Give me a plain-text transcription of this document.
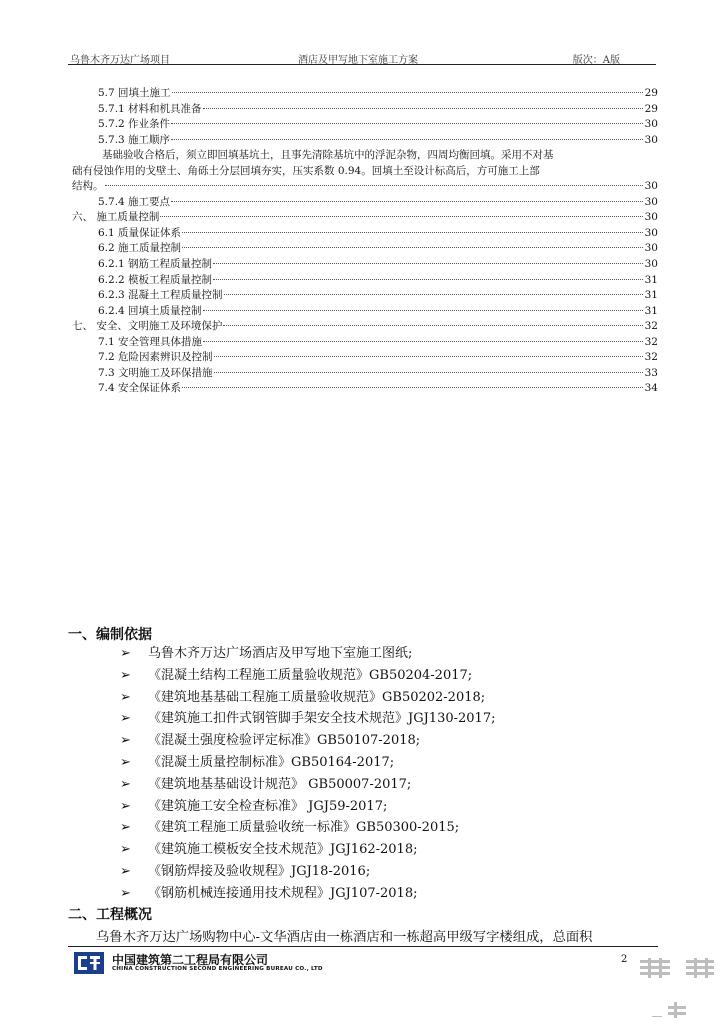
乌鲁木齐万达广场项目	酒店及甲写地下室施工方案	版次：A版
5.7 回填土施工	29
5.7.1 材料和机具准备	29
5.7.2 作业条件	30
5.7.3 施工顺序	30
基础验收合格后，须立即回填基坑土，且事先清除基坑中的浮泥杂物，四周均衡回填。采用不对基
础有侵蚀作用的戈壁土、角砾土分层回填夯实，压实系数 0.94。回填土至设计标高后，方可施工上部
结构。	30
5.7.4 施工要点	30
六、 施工质量控制	30
6.1 质量保证体系	30
6.2 施工质量控制	30
6.2.1 钢筋工程质量控制	30
6.2.2 模板工程质量控制	31
6.2.3 混凝土工程质量控制	31
6.2.4 回填土质量控制	31
七、 安全、文明施工及环境保护	32
7.1 安全管理具体措施	32
7.2 危险因素辨识及控制	32
7.3 文明施工及环保措施	33
7.4 安全保证体系	34
一、编制依据
➢ 乌鲁木齐万达广场酒店及甲写地下室施工图纸;
➢ 《混凝土结构工程施工质量验收规范》GB50204-2017;
➢ 《建筑地基基础工程施工质量验收规范》GB50202-2018;
➢ 《建筑施工扣件式钢管脚手架安全技术规范》JGJ130-2017;
➢ 《混凝土强度检验评定标准》GB50107-2018;
➢ 《混凝土质量控制标准》GB50164-2017;
➢ 《建筑地基基础设计规范》 GB50007-2017;
➢ 《建筑施工安全检查标准》 JGJ59-2017;
➢ 《建筑工程施工质量验收统一标准》GB50300-2015;
➢ 《建筑施工模板安全技术规范》JGJ162-2018;
➢ 《钢筋焊接及验收规程》JGJ18-2016;
➢ 《钢筋机械连接通用技术规程》JGJ107-2018;
二、工程概况
乌鲁木齐万达广场购物中心-文华酒店由一栋酒店和一栋超高甲级写字楼组成，总面积
中国建筑第二工程局有限公司
CHINA CONSTRUCTION SECOND ENGINEERING BUREAU CO., LTD
2
